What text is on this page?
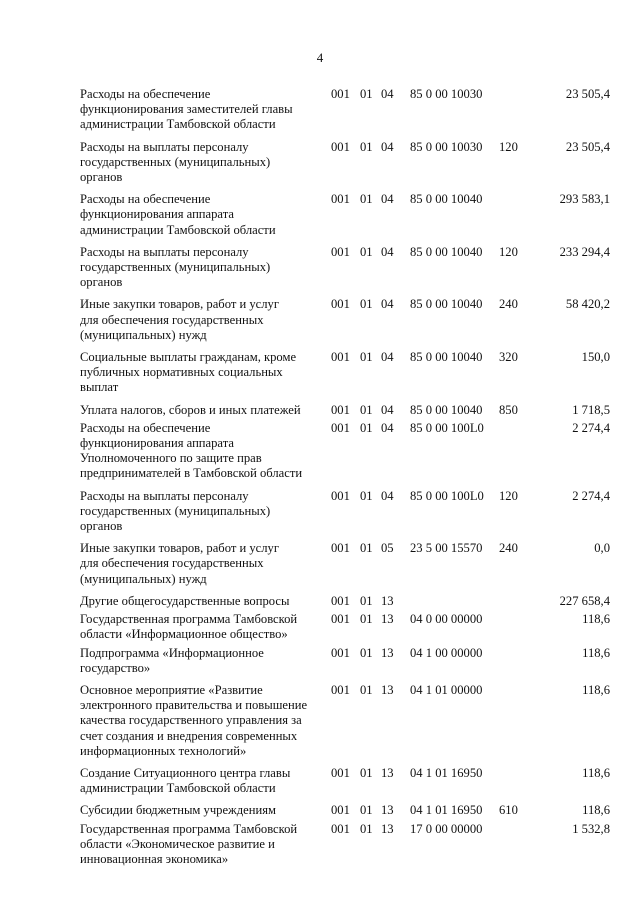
4
Расходы на обеспечение
функционирования заместителей главы
администрации Тамбовской области
001 01 04 85 0 00 10030	23 505,4
Расходы на выплаты персоналу
государственных (муниципальных)
органов
001 01 04 85 0 00 10030 120	23 505,4
Расходы на обеспечение
функционирования аппарата
администрации Тамбовской области
001 01 04 85 0 00 10040	293 583,1
Расходы на выплаты персоналу
государственных (муниципальных)
органов
001 01 04 85 0 00 10040 120	233 294,4
Иные закупки товаров, работ и услуг
для обеспечения государственных
(муниципальных) нужд
001 01 04 85 0 00 10040 240	58 420,2
Социальные выплаты гражданам, кроме
публичных нормативных социальных
выплат
001 01 04 85 0 00 10040 320	150,0
Уплата налогов, сборов и иных платежей	001 01 04 85 0 00 10040 850	1 718,5
Расходы на обеспечение
функционирования аппарата
Уполномоченного по защите прав
предпринимателей в Тамбовской области
001 01 04 85 0 00 100L0	2 274,4
Расходы на выплаты персоналу
государственных (муниципальных)
органов
001 01 04 85 0 00 100L0 120	2 274,4
Иные закупки товаров, работ и услуг
для обеспечения государственных
(муниципальных) нужд
001 01 05 23 5 00 15570 240	0,0
Другие общегосударственные вопросы	001 01 13	227 658,4
Государственная программа Тамбовской
области «Информационное общество»
001 01 13 04 0 00 00000	118,6
Подпрограмма «Информационное
государство»
001 01 13 04 1 00 00000	118,6
Основное мероприятие «Развитие
электронного правительства и повышение
качества государственного управления за
счет создания и внедрения современных
информационных технологий»
001 01 13 04 1 01 00000	118,6
Создание Ситуационного центра главы
администрации Тамбовской области
001 01 13 04 1 01 16950	118,6
Субсидии бюджетным учреждениям	001 01 13 04 1 01 16950 610	118,6
Государственная программа Тамбовской
области «Экономическое развитие и
инновационная экономика»
001 01 13 17 0 00 00000	1 532,8
